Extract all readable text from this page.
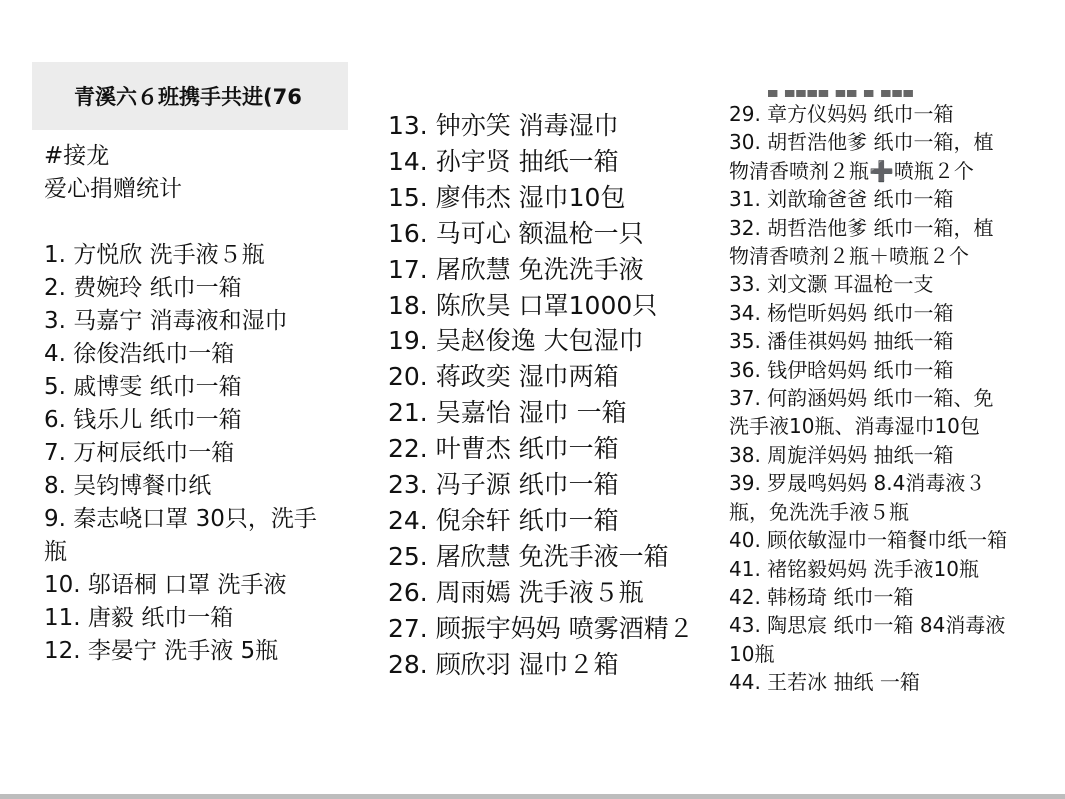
青溪六６班携手共进(76	▀ ▀▀▀▀ ▀▀ ▀ ▀▀▀
#接龙
爱心捐赠统计

1. 方悦欣 洗手液５瓶
2. 费婉玲 纸巾一箱
3. 马嘉宁 消毒液和湿巾
4. 徐俊浩纸巾一箱
5. 戚博雯 纸巾一箱
6. 钱乐儿 纸巾一箱
7. 万柯辰纸巾一箱
8. 吴钧博餐巾纸
9. 秦志峣口罩 30只，洗手
瓶
10. 邬语桐 口罩 洗手液
11. 唐毅 纸巾一箱
12. 李晏宁 洗手液 5瓶
13. 钟亦笑 消毒湿巾
14. 孙宇贤 抽纸一箱
15. 廖伟杰 湿巾10包
16. 马可心 额温枪一只
17. 屠欣慧 免洗洗手液
18. 陈欣昊 口罩1000只
19. 吴赵俊逸 大包湿巾
20. 蒋政奕 湿巾两箱
21. 吴嘉怡 湿巾 一箱
22. 叶曹杰 纸巾一箱
23. 冯子源 纸巾一箱
24. 倪余轩 纸巾一箱
25. 屠欣慧 免洗手液一箱
26. 周雨嫣 洗手液５瓶
27. 顾振宇妈妈 喷雾酒精２
28. 顾欣羽 湿巾２箱
29. 章方仪妈妈 纸巾一箱
30. 胡哲浩他爹 纸巾一箱，植
物清香喷剂２瓶➕喷瓶２个
31. 刘歆瑜爸爸 纸巾一箱
32. 胡哲浩他爹 纸巾一箱，植
物清香喷剂２瓶＋喷瓶２个
33. 刘文灏 耳温枪一支
34. 杨恺昕妈妈 纸巾一箱
35. 潘佳祺妈妈 抽纸一箱
36. 钱伊晗妈妈 纸巾一箱
37. 何韵涵妈妈 纸巾一箱、免
洗手液10瓶、消毒湿巾10包
38. 周旎洋妈妈 抽纸一箱
39. 罗晟鸣妈妈 8.4消毒液３
瓶，免洗洗手液５瓶
40. 顾依敏湿巾一箱餐巾纸一箱
41. 褚铭毅妈妈 洗手液10瓶
42. 韩杨琦 纸巾一箱
43. 陶思宸 纸巾一箱 84消毒液
10瓶
44. 王若冰 抽纸 一箱
